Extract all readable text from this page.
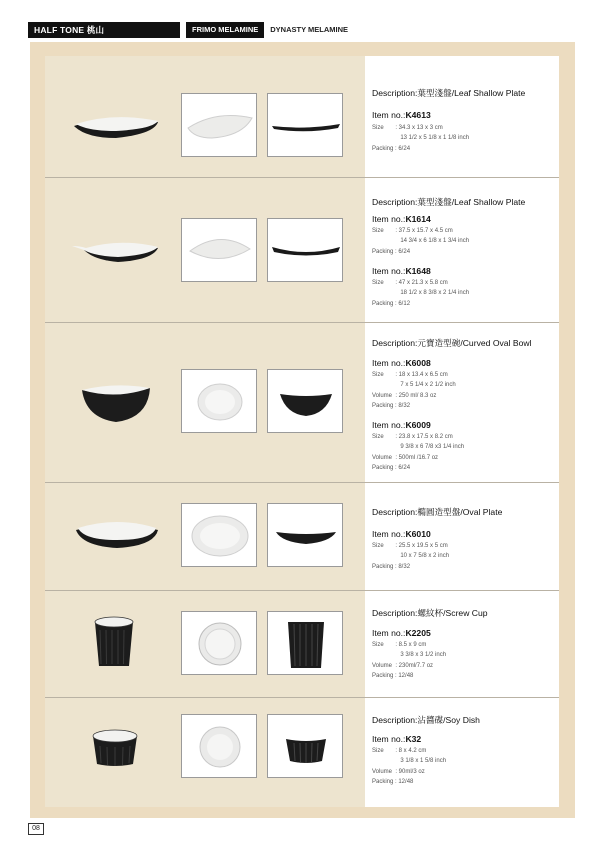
HALF TONE 桃山	FRIMO MELAMINE	DYNASTY MELAMINE
Description:葉型淺盤/Leaf Shallow Plate
Item no.:K4613
Size       : 34.3 x 13 x 3 cm
13 1/2 x 5 1/8 x 1 1/8 inch
Packing : 6/24
Description:葉型淺盤/Leaf Shallow Plate
Item no.:K1614
Size       : 37.5 x 15.7 x 4.5 cm
14 3/4 x 6 1/8 x 1 3/4 inch
Packing : 6/24
Item no.:K1648
Size       : 47 x 21.3 x 5.8 cm
18 1/2 x 8 3/8 x 2 1/4 inch
Packing : 6/12
Description:元寶造型碗/Curved Oval Bowl
Item no.:K6008
Size       : 18 x 13.4 x 6.5 cm
7 x 5 1/4 x 2 1/2 inch
Volume  : 250 ml/ 8.3 oz
Packing : 8/32
Item no.:K6009
Size       : 23.8 x 17.5 x 8.2 cm
9 3/8 x 6 7/8 x3 1/4 inch
Volume  : 500ml /16.7 oz
Packing : 6/24
Description:橢圓造型盤/Oval Plate
Item no.:K6010
Size       : 25.5 x 19.5 x 5 cm
10 x 7 5/8 x 2 inch
Packing : 8/32
Description:螺紋杯/Screw Cup
Item no.:K2205
Size       : 8.5 x 9 cm
3 3/8 x 3 1/2 inch
Volume  : 230ml/7.7 oz
Packing : 12/48
Description:沾醬碟/Soy Dish
Item no.:K32
Size       : 8 x 4.2 cm
3 1/8 x 1 5/8 inch
Volume  : 90ml/3 oz
Packing : 12/48
08
